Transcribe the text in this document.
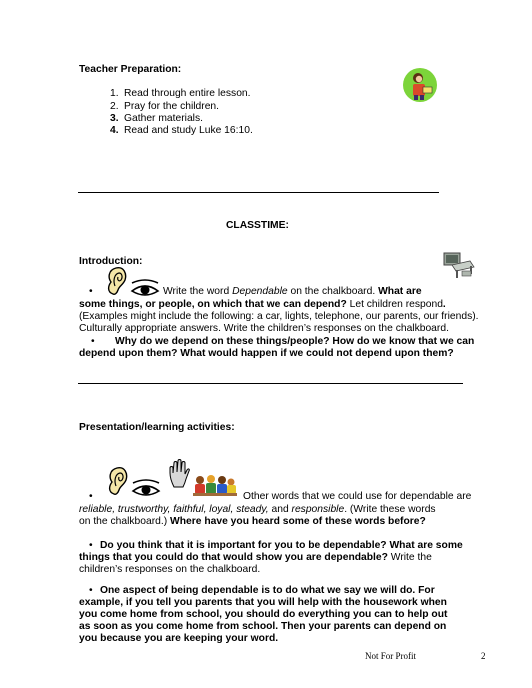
Teacher Preparation:
1. Read through entire lesson.
2. Pray for the children.
3. Gather materials.
4. Read and study Luke 16:10.
CLASSTIME:
Introduction:
•	Write the word Dependable on the chalkboard. What are
some things, or people, on which that we can depend? Let children respond.
(Examples might include the following: a car, lights, telephone, our parents, our friends).
Culturally appropriate answers. Write the children’s responses on the chalkboard.
• Why do we depend on these things/people? How do we know that we can
depend upon them? What would happen if we could not depend upon them?
Presentation/learning activities:
•	Other words that we could use for dependable are
reliable, trustworthy, faithful, loyal, steady, and responsible. (Write these words
on the chalkboard.) Where have you heard some of these words before?
• Do you think that it is important for you to be dependable? What are some
things that you could do that would show you are dependable? Write the
children’s responses on the chalkboard.
• One aspect of being dependable is to do what we say we will do. For
example, if you tell you parents that you will help with the housework when
you come home from school, you should do everything you can to help out
as soon as you come home from school. Then your parents can depend on
you because you are keeping your word.
Not For Profit	2
